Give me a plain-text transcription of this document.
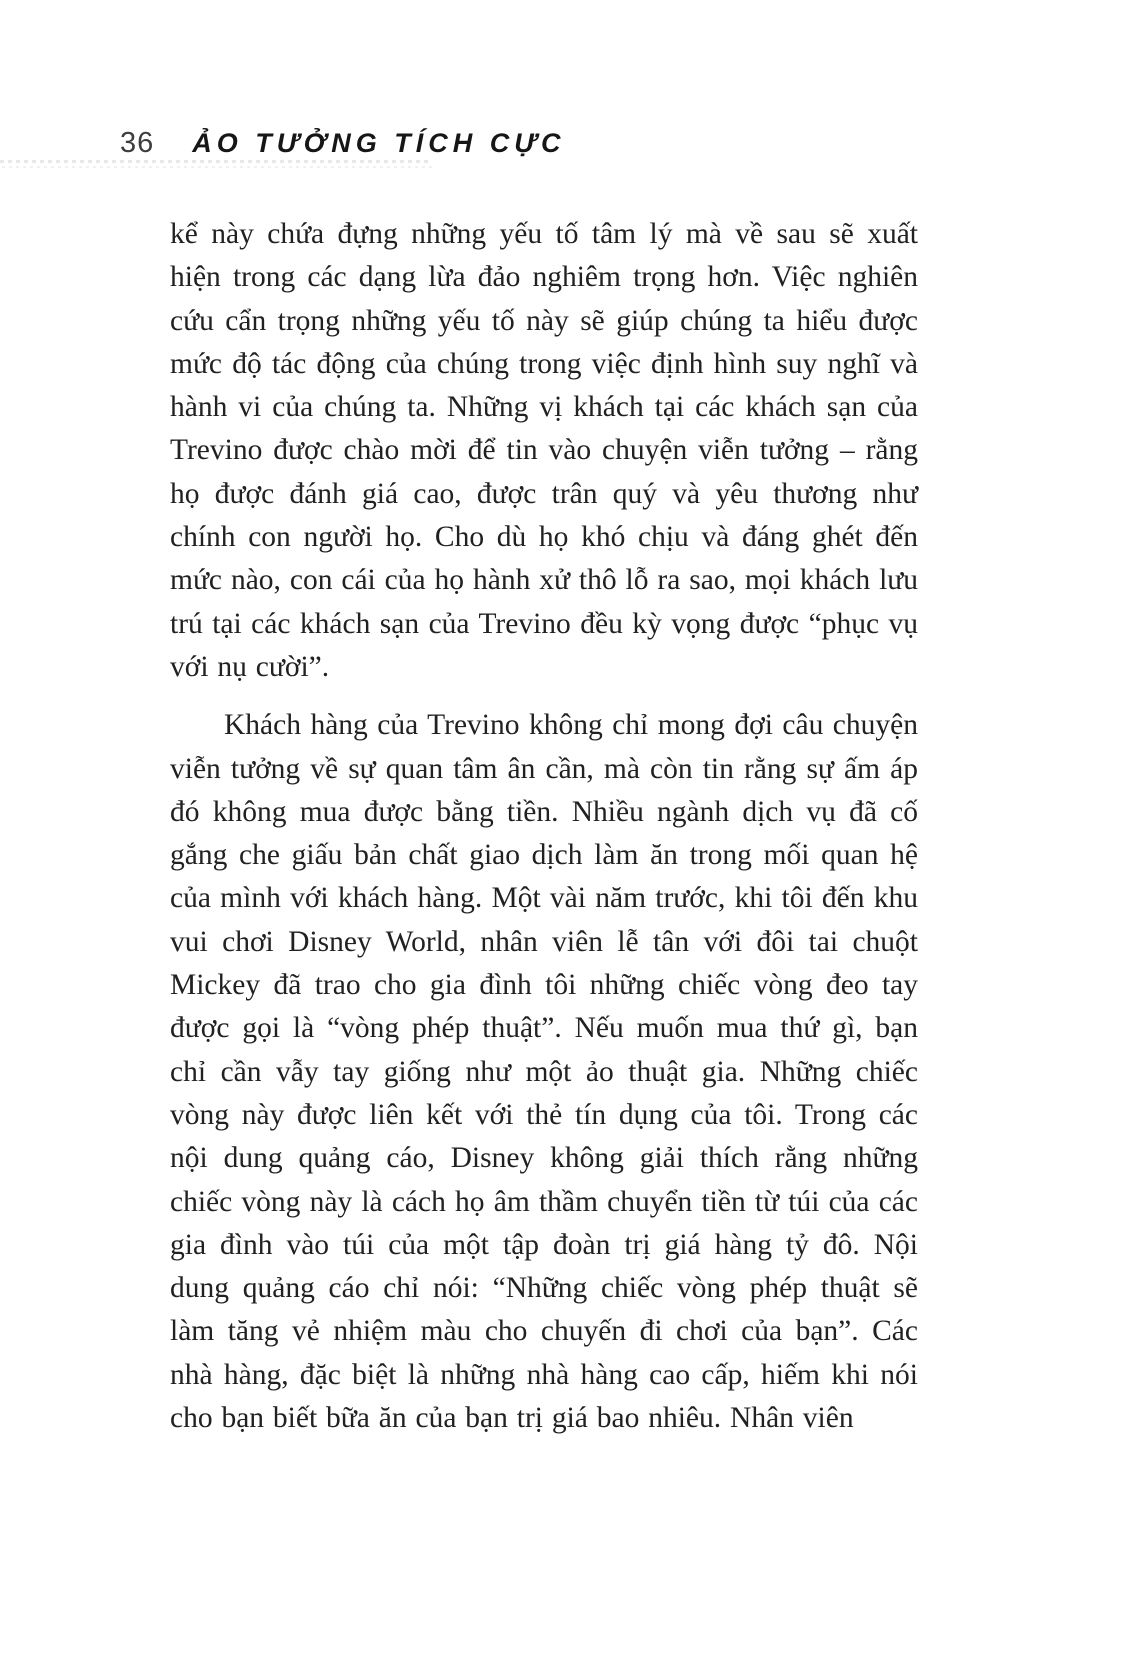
36 ẢO TƯỞNG TÍCH CỰC

kể này chứa đựng những yếu tố tâm lý mà về sau sẽ xuất hiện trong các dạng lừa đảo nghiêm trọng hơn. Việc nghiên cứu cẩn trọng những yếu tố này sẽ giúp chúng ta hiểu được mức độ tác động của chúng trong việc định hình suy nghĩ và hành vi của chúng ta. Những vị khách tại các khách sạn của Trevino được chào mời để tin vào chuyện viễn tưởng – rằng họ được đánh giá cao, được trân quý và yêu thương như chính con người họ. Cho dù họ khó chịu và đáng ghét đến mức nào, con cái của họ hành xử thô lỗ ra sao, mọi khách lưu trú tại các khách sạn của Trevino đều kỳ vọng được “phục vụ với nụ cười”.

Khách hàng của Trevino không chỉ mong đợi câu chuyện viễn tưởng về sự quan tâm ân cần, mà còn tin rằng sự ấm áp đó không mua được bằng tiền. Nhiều ngành dịch vụ đã cố gắng che giấu bản chất giao dịch làm ăn trong mối quan hệ của mình với khách hàng. Một vài năm trước, khi tôi đến khu vui chơi Disney World, nhân viên lễ tân với đôi tai chuột Mickey đã trao cho gia đình tôi những chiếc vòng đeo tay được gọi là “vòng phép thuật”. Nếu muốn mua thứ gì, bạn chỉ cần vẫy tay giống như một ảo thuật gia. Những chiếc vòng này được liên kết với thẻ tín dụng của tôi. Trong các nội dung quảng cáo, Disney không giải thích rằng những chiếc vòng này là cách họ âm thầm chuyển tiền từ túi của các gia đình vào túi của một tập đoàn trị giá hàng tỷ đô. Nội dung quảng cáo chỉ nói: “Những chiếc vòng phép thuật sẽ làm tăng vẻ nhiệm màu cho chuyến đi chơi của bạn”. Các nhà hàng, đặc biệt là những nhà hàng cao cấp, hiếm khi nói cho bạn biết bữa ăn của bạn trị giá bao nhiêu. Nhân viên
